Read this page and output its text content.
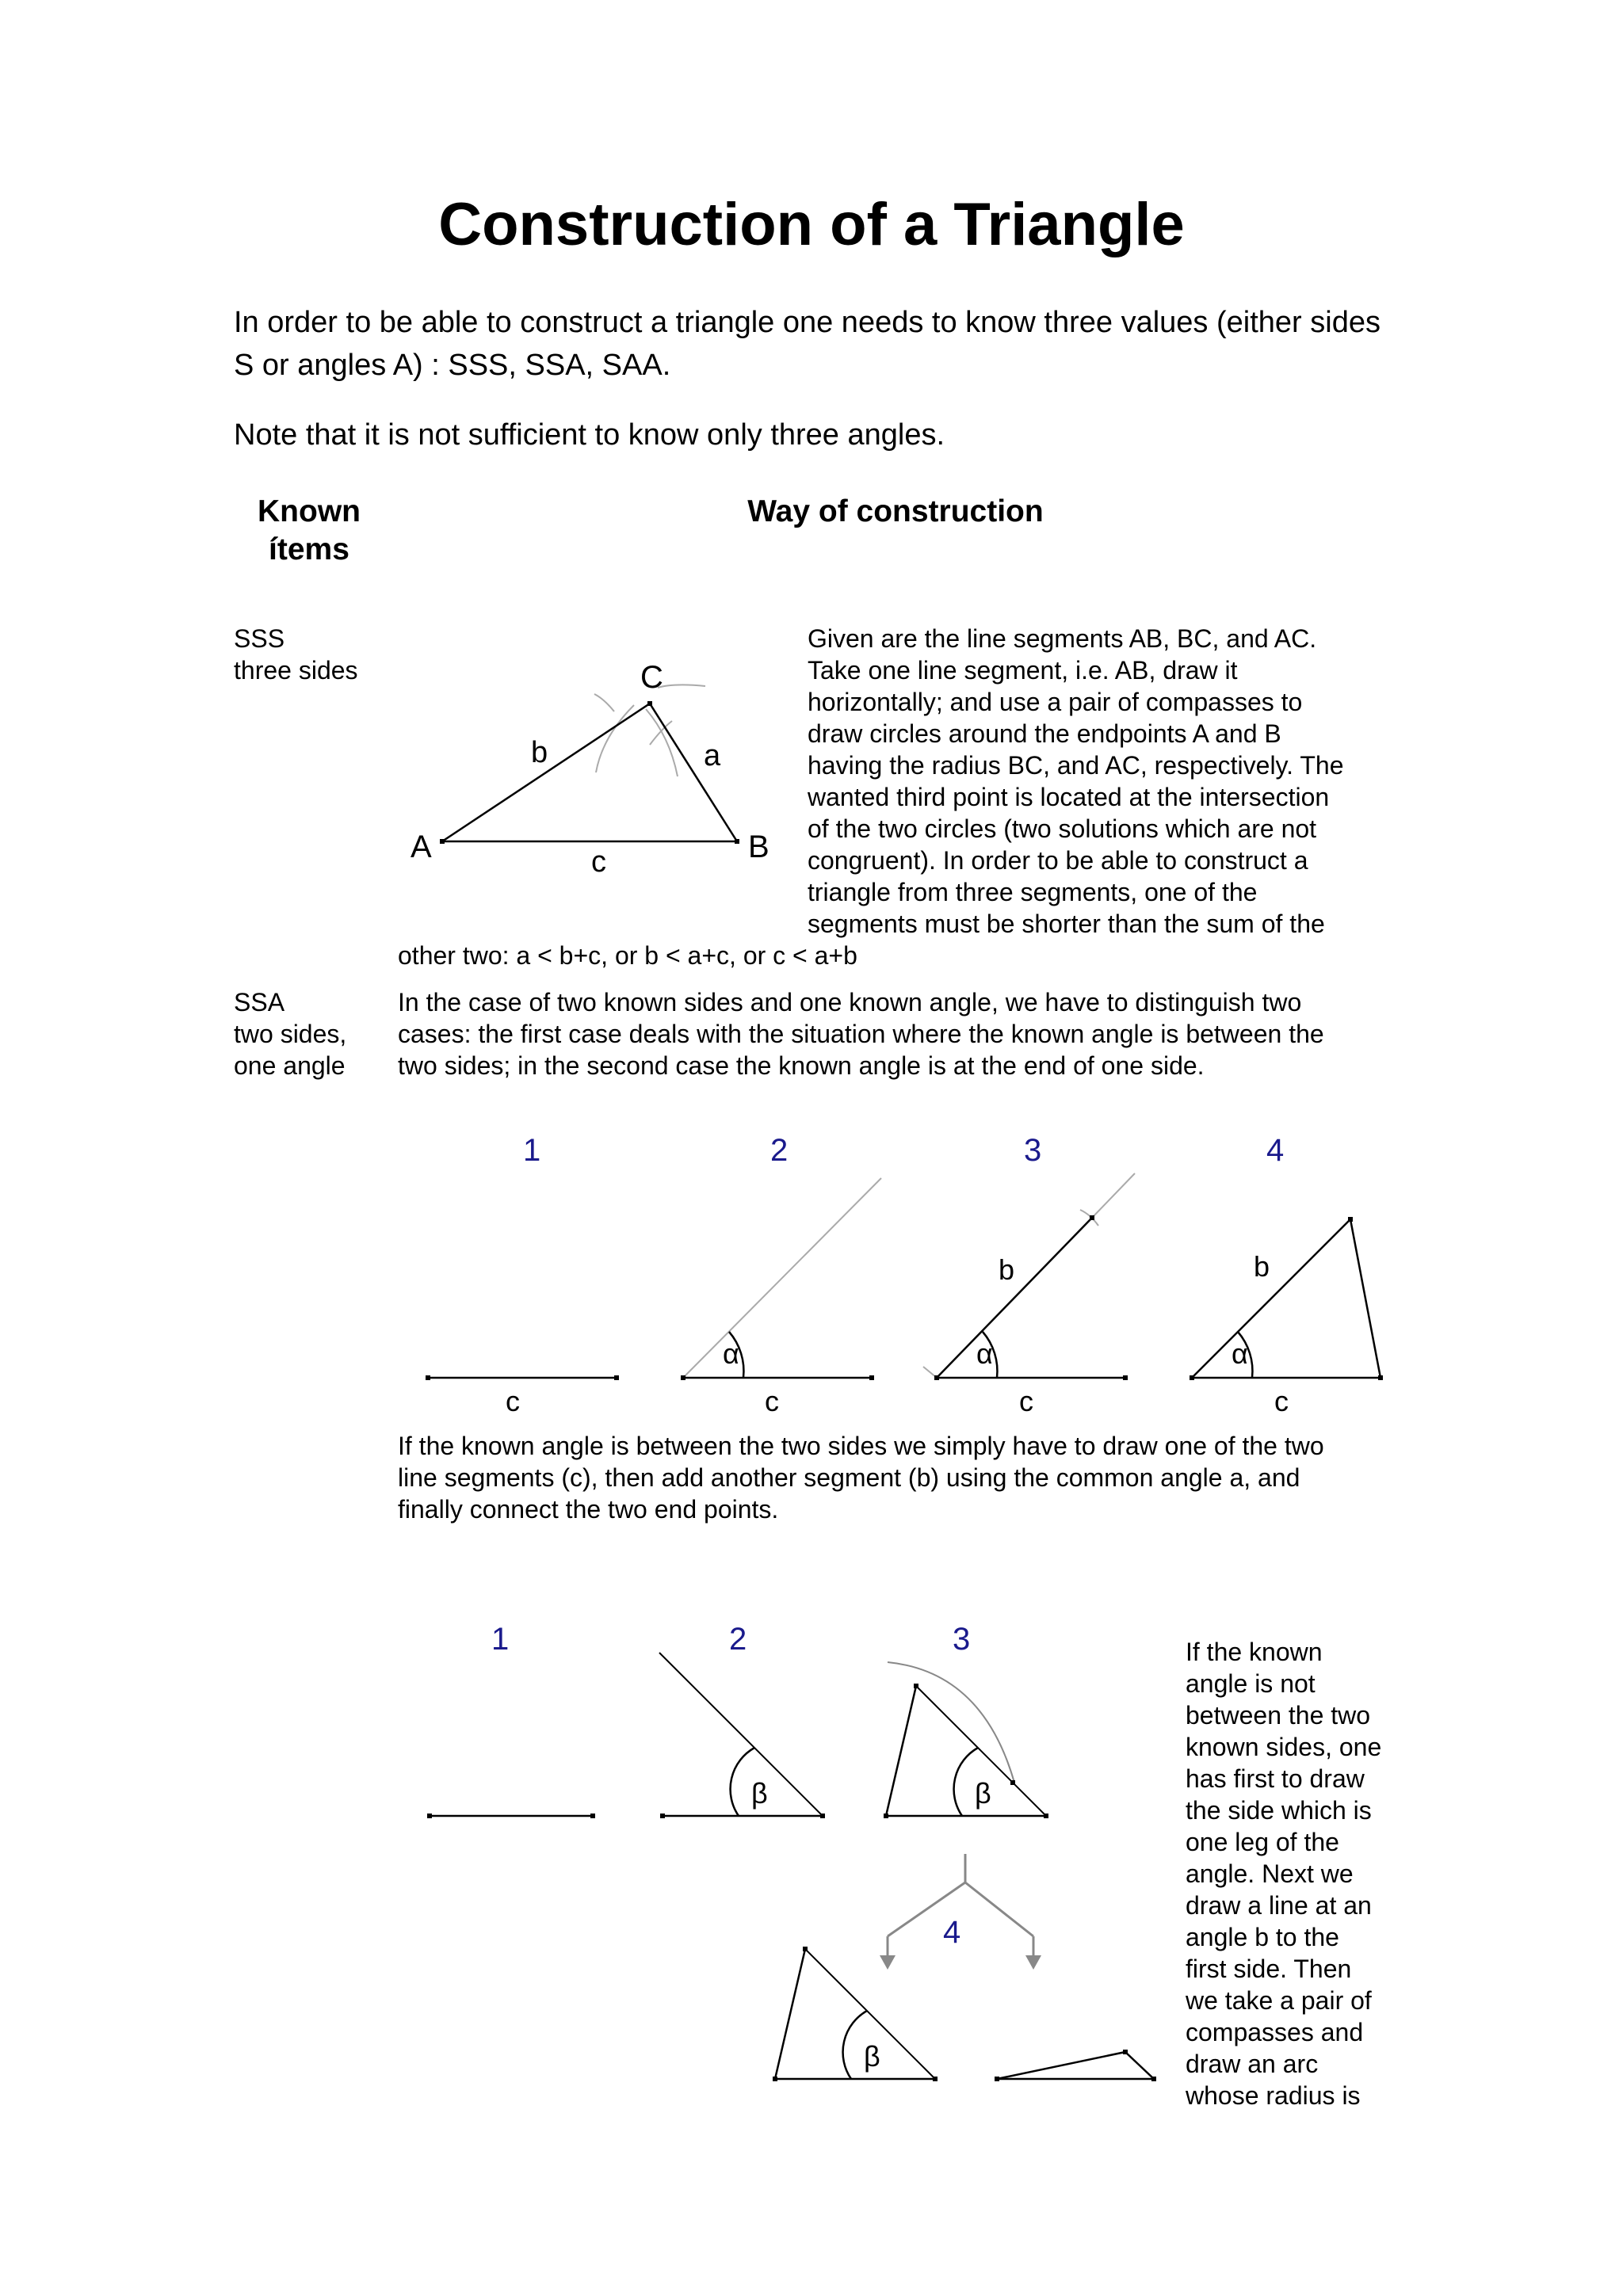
Construction of a Triangle

In order to be able to construct a triangle one needs to know three values (either sides S or angles A) : SSS, SSA, SAA.

Note that it is not sufficient to know only three angles.

Known
ítems
Way of construction
SSS
three sides
Given are the line segments AB, BC, and AC.
Take one line segment, i.e. AB, draw it
horizontally; and use a pair of compasses to
draw circles around the endpoints A and B
having the radius BC, and AC, respectively. The
wanted third point is located at the intersection
of the two circles (two solutions which are not
congruent). In order to be able to construct a
triangle from three segments, one of the
segments must be shorter than the sum of the
other two: a < b+c, or b < a+c, or c < a+b
A	B
C
b	a
c
SSA
two sides,
one angle
In the case of two known sides and one known angle, we have to distinguish two
cases: the first case deals with the situation where the known angle is between the
two sides; in the second case the known angle is at the end of one side.
1	2	3	4
c
α
c
α
b
c
α
b
c
If the known angle is between the two sides we simply have to draw one of the two
line segments (c), then add another segment (b) using the common angle a, and
finally connect the two end points.
1	2	3
4
β	β
β
If the known
angle is not
between the two
known sides, one
has first to draw
the side which is
one leg of the
angle. Next we
draw a line at an
angle b to the
first side. Then
we take a pair of
compasses and
draw an arc
whose radius is
